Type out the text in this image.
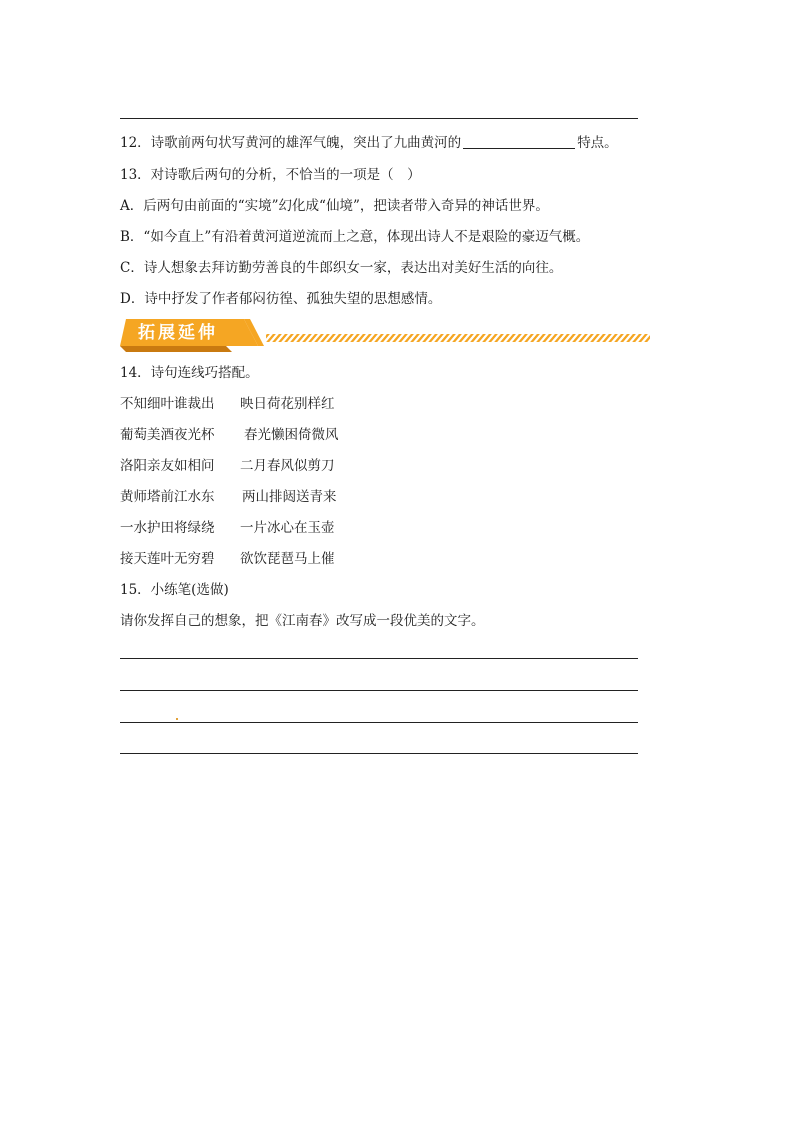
12．诗歌前两句状写黄河的雄浑气魄，突出了九曲黄河的	特点。
13．对诗歌后两句的分析，不恰当的一项是（　）
A．后两句由前面的“实境”幻化成“仙境”，把读者带入奇异的神话世界。
B．“如今直上”有沿着黄河道逆流而上之意，体现出诗人不是艰险的豪迈气概。
C．诗人想象去拜访勤劳善良的牛郎织女一家，表达出对美好生活的向往。
D．诗中抒发了作者郁闷彷徨、孤独失望的思想感情。
拓展延伸
14．诗句连线巧搭配。
不知细叶谁裁出 映日荷花别样红
葡萄美酒夜光杯 春光懒困倚微风
洛阳亲友如相问 二月春风似剪刀
黄师塔前江水东 两山排闼送青来
一水护田将绿绕 一片冰心在玉壶
接天莲叶无穷碧 欲饮琵琶马上催
15．小练笔(选做)
请你发挥自己的想象，把《江南春》改写成一段优美的文字。
